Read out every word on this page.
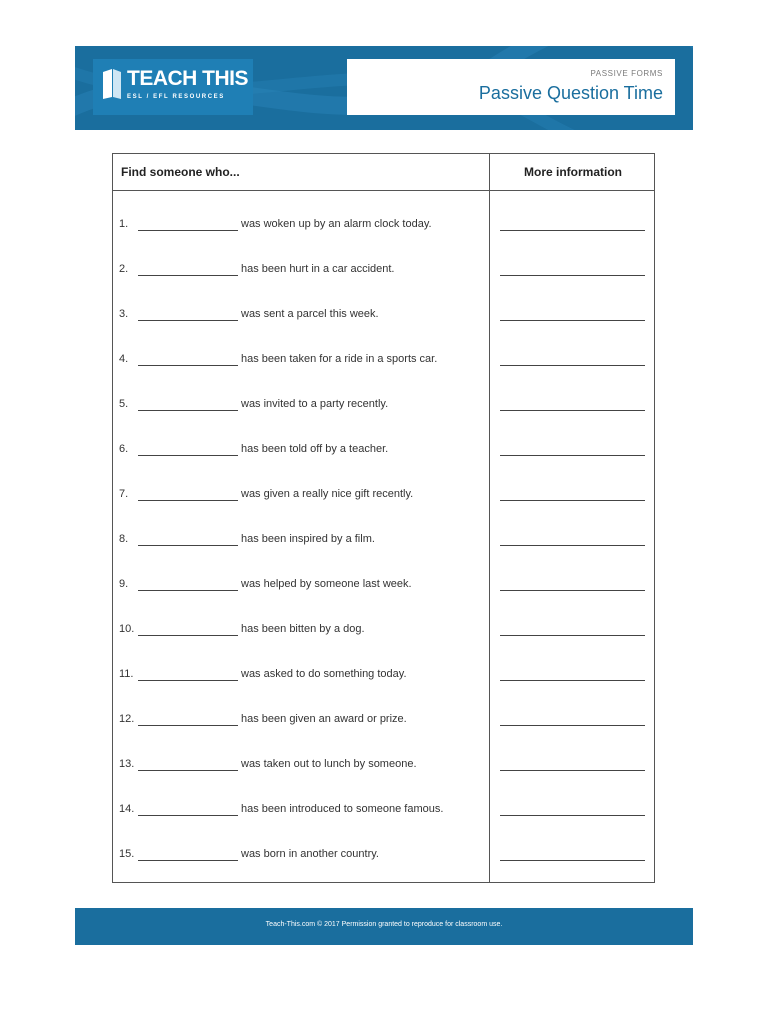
TEACH THIS
ESL / EFL RESOURCES
PASSIVE FORMS
Passive Question Time
Find someone who...	More information
1.	was woken up by an alarm clock today.
2.	has been hurt in a car accident.
3.	was sent a parcel this week.
4.	has been taken for a ride in a sports car.
5.	was invited to a party recently.
6.	has been told off by a teacher.
7.	was given a really nice gift recently.
8.	has been inspired by a film.
9.	was helped by someone last week.
10.	has been bitten by a dog.
11.	was asked to do something today.
12.	has been given an award or prize.
13.	was taken out to lunch by someone.
14.	has been introduced to someone famous.
15.	was born in another country.
Teach-This.com © 2017 Permission granted to reproduce for classroom use.
